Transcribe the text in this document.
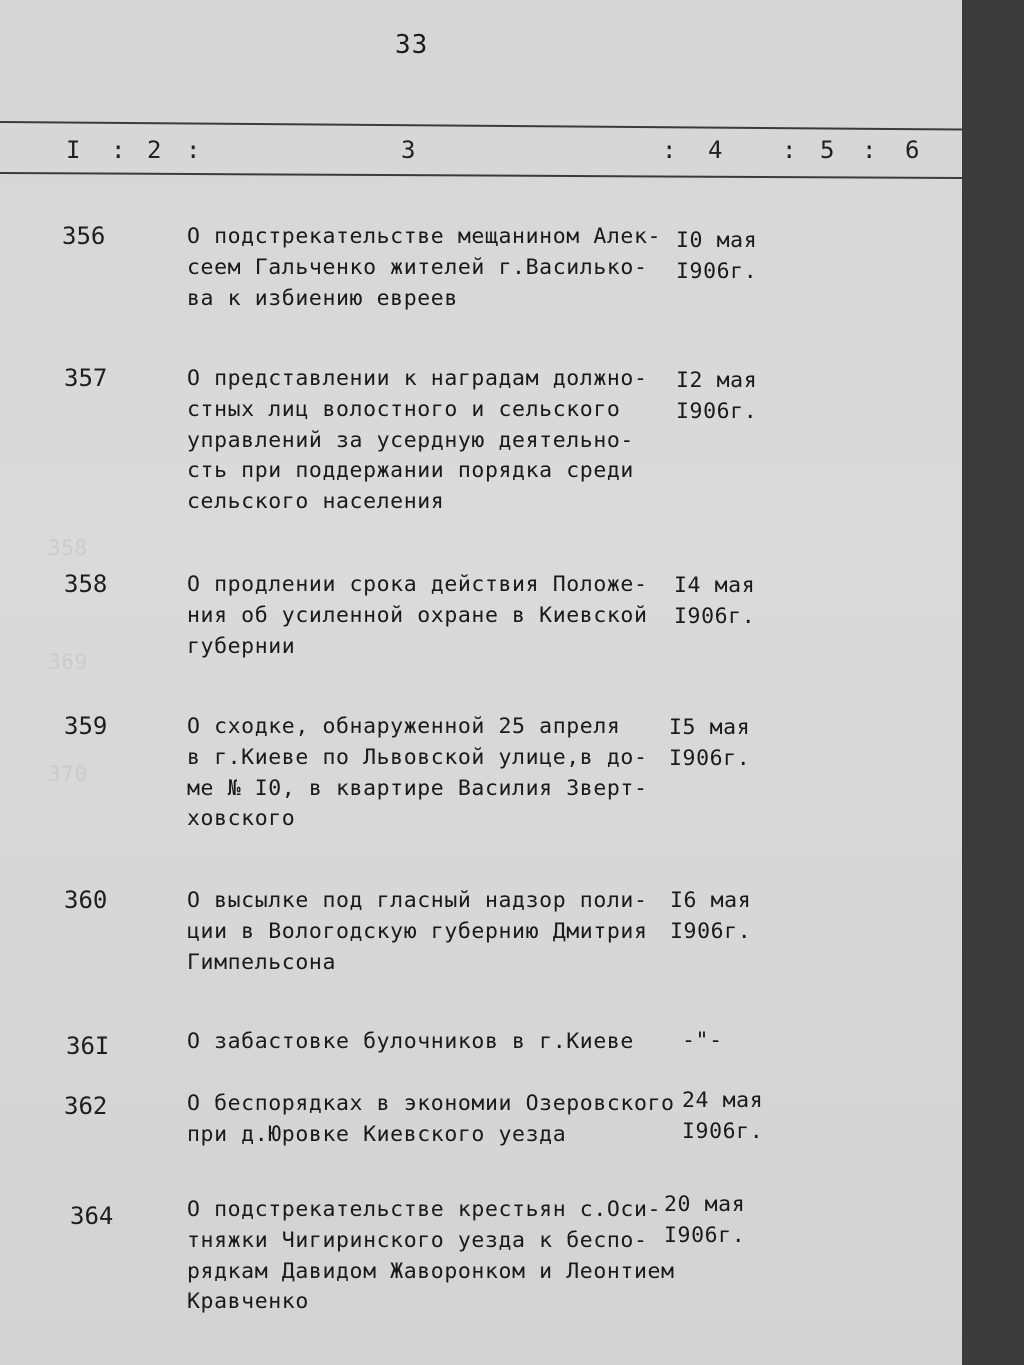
33
I : 2 :	3	: 4 : 5 : 6
358
369
370
356	О подстрекательстве мещанином Алек-
сеем Гальченко жителей г.Василько-
ва к избиению евреев
I0 мая
I906г.
357	О представлении к наградам должно-
стных лиц волостного и сельского
управлений за усердную деятельно-
сть при поддержании порядка среди
сельского населения
I2 мая
I906г.
358	О продлении срока действия Положе-
ния об усиленной охране в Киевской
губернии
I4 мая
I906г.
359	О сходке, обнаруженной 25 апреля
в г.Киеве по Львовской улице,в до-
ме № I0, в квартире Василия Зверт-
ховского
I5 мая
I906г.
360	О высылке под гласный надзор поли-
ции в Вологодскую губернию Дмитрия
Гимпельсона
I6 мая
I906г.
36I	О забастовке булочников в г.Киеве -"-
362	О беспорядках в экономии Озеровского
при д.Юровке Киевского уезда
24 мая
I906г.
364	О подстрекательстве крестьян с.Оси-
тняжки Чигиринского уезда к беспо-
рядкам Давидом Жаворонком и Леонтием
Кравченко
20 мая
I906г.
